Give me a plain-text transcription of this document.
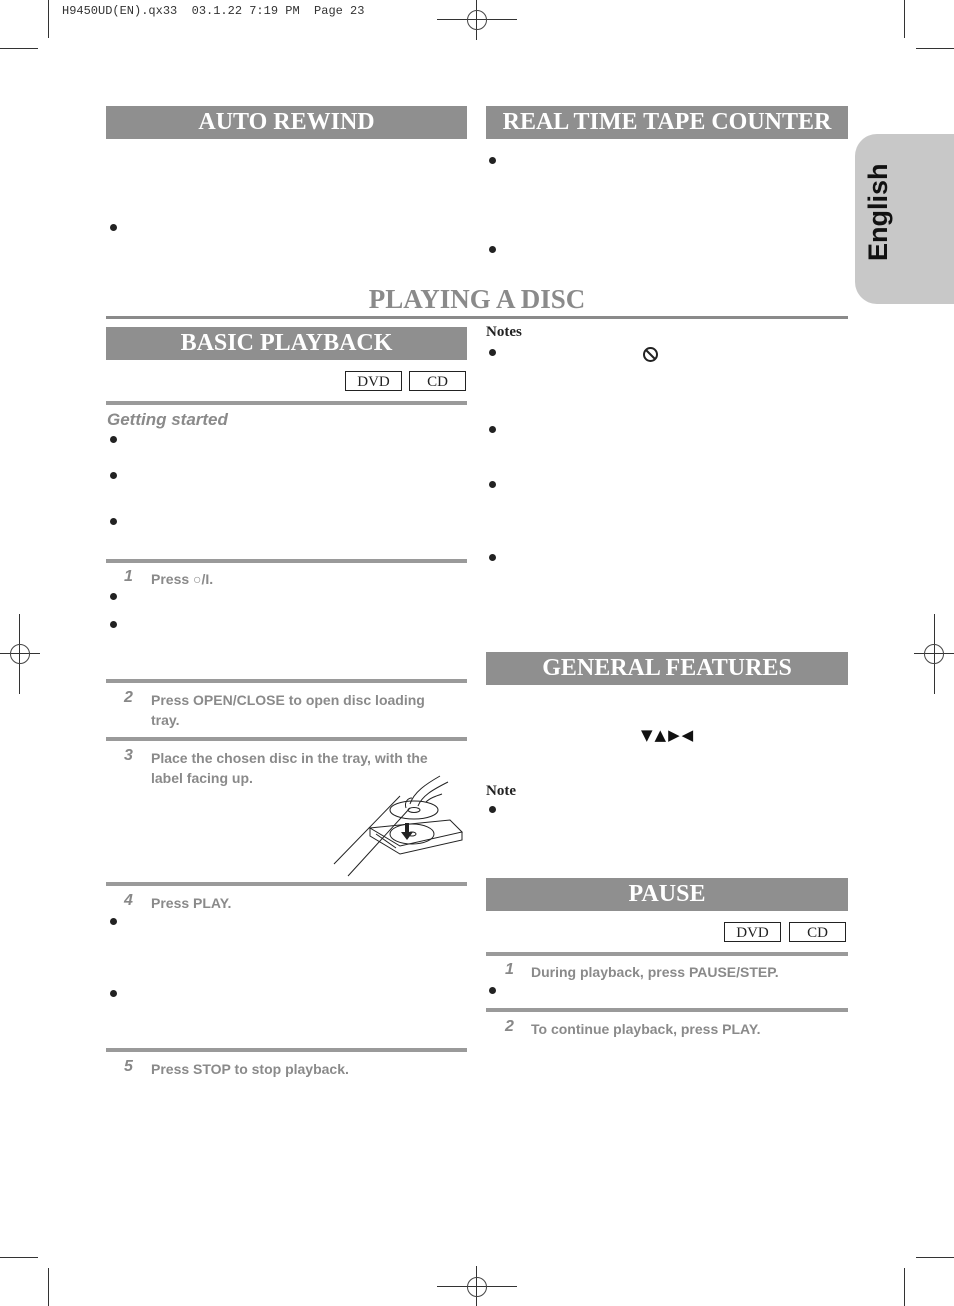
H9450UD(EN).qx33  03.1.22 7:19 PM  Page 23
English
AUTO REWIND	REAL TIME TAPE COUNTER
PLAYING A DISC
BASIC PLAYBACK
DVD	CD
Getting started
1 Press ○/I.
2 Press OPEN/CLOSE to open disc loading tray.
3 Place the chosen disc in the tray, with the label facing up.
4 Press PLAY.
5 Press STOP to stop playback.
Notes
GENERAL FEATURES
▼▲▶◀
Note
PAUSE
DVD	CD
1 During playback, press PAUSE/STEP.
2 To continue playback, press PLAY.
